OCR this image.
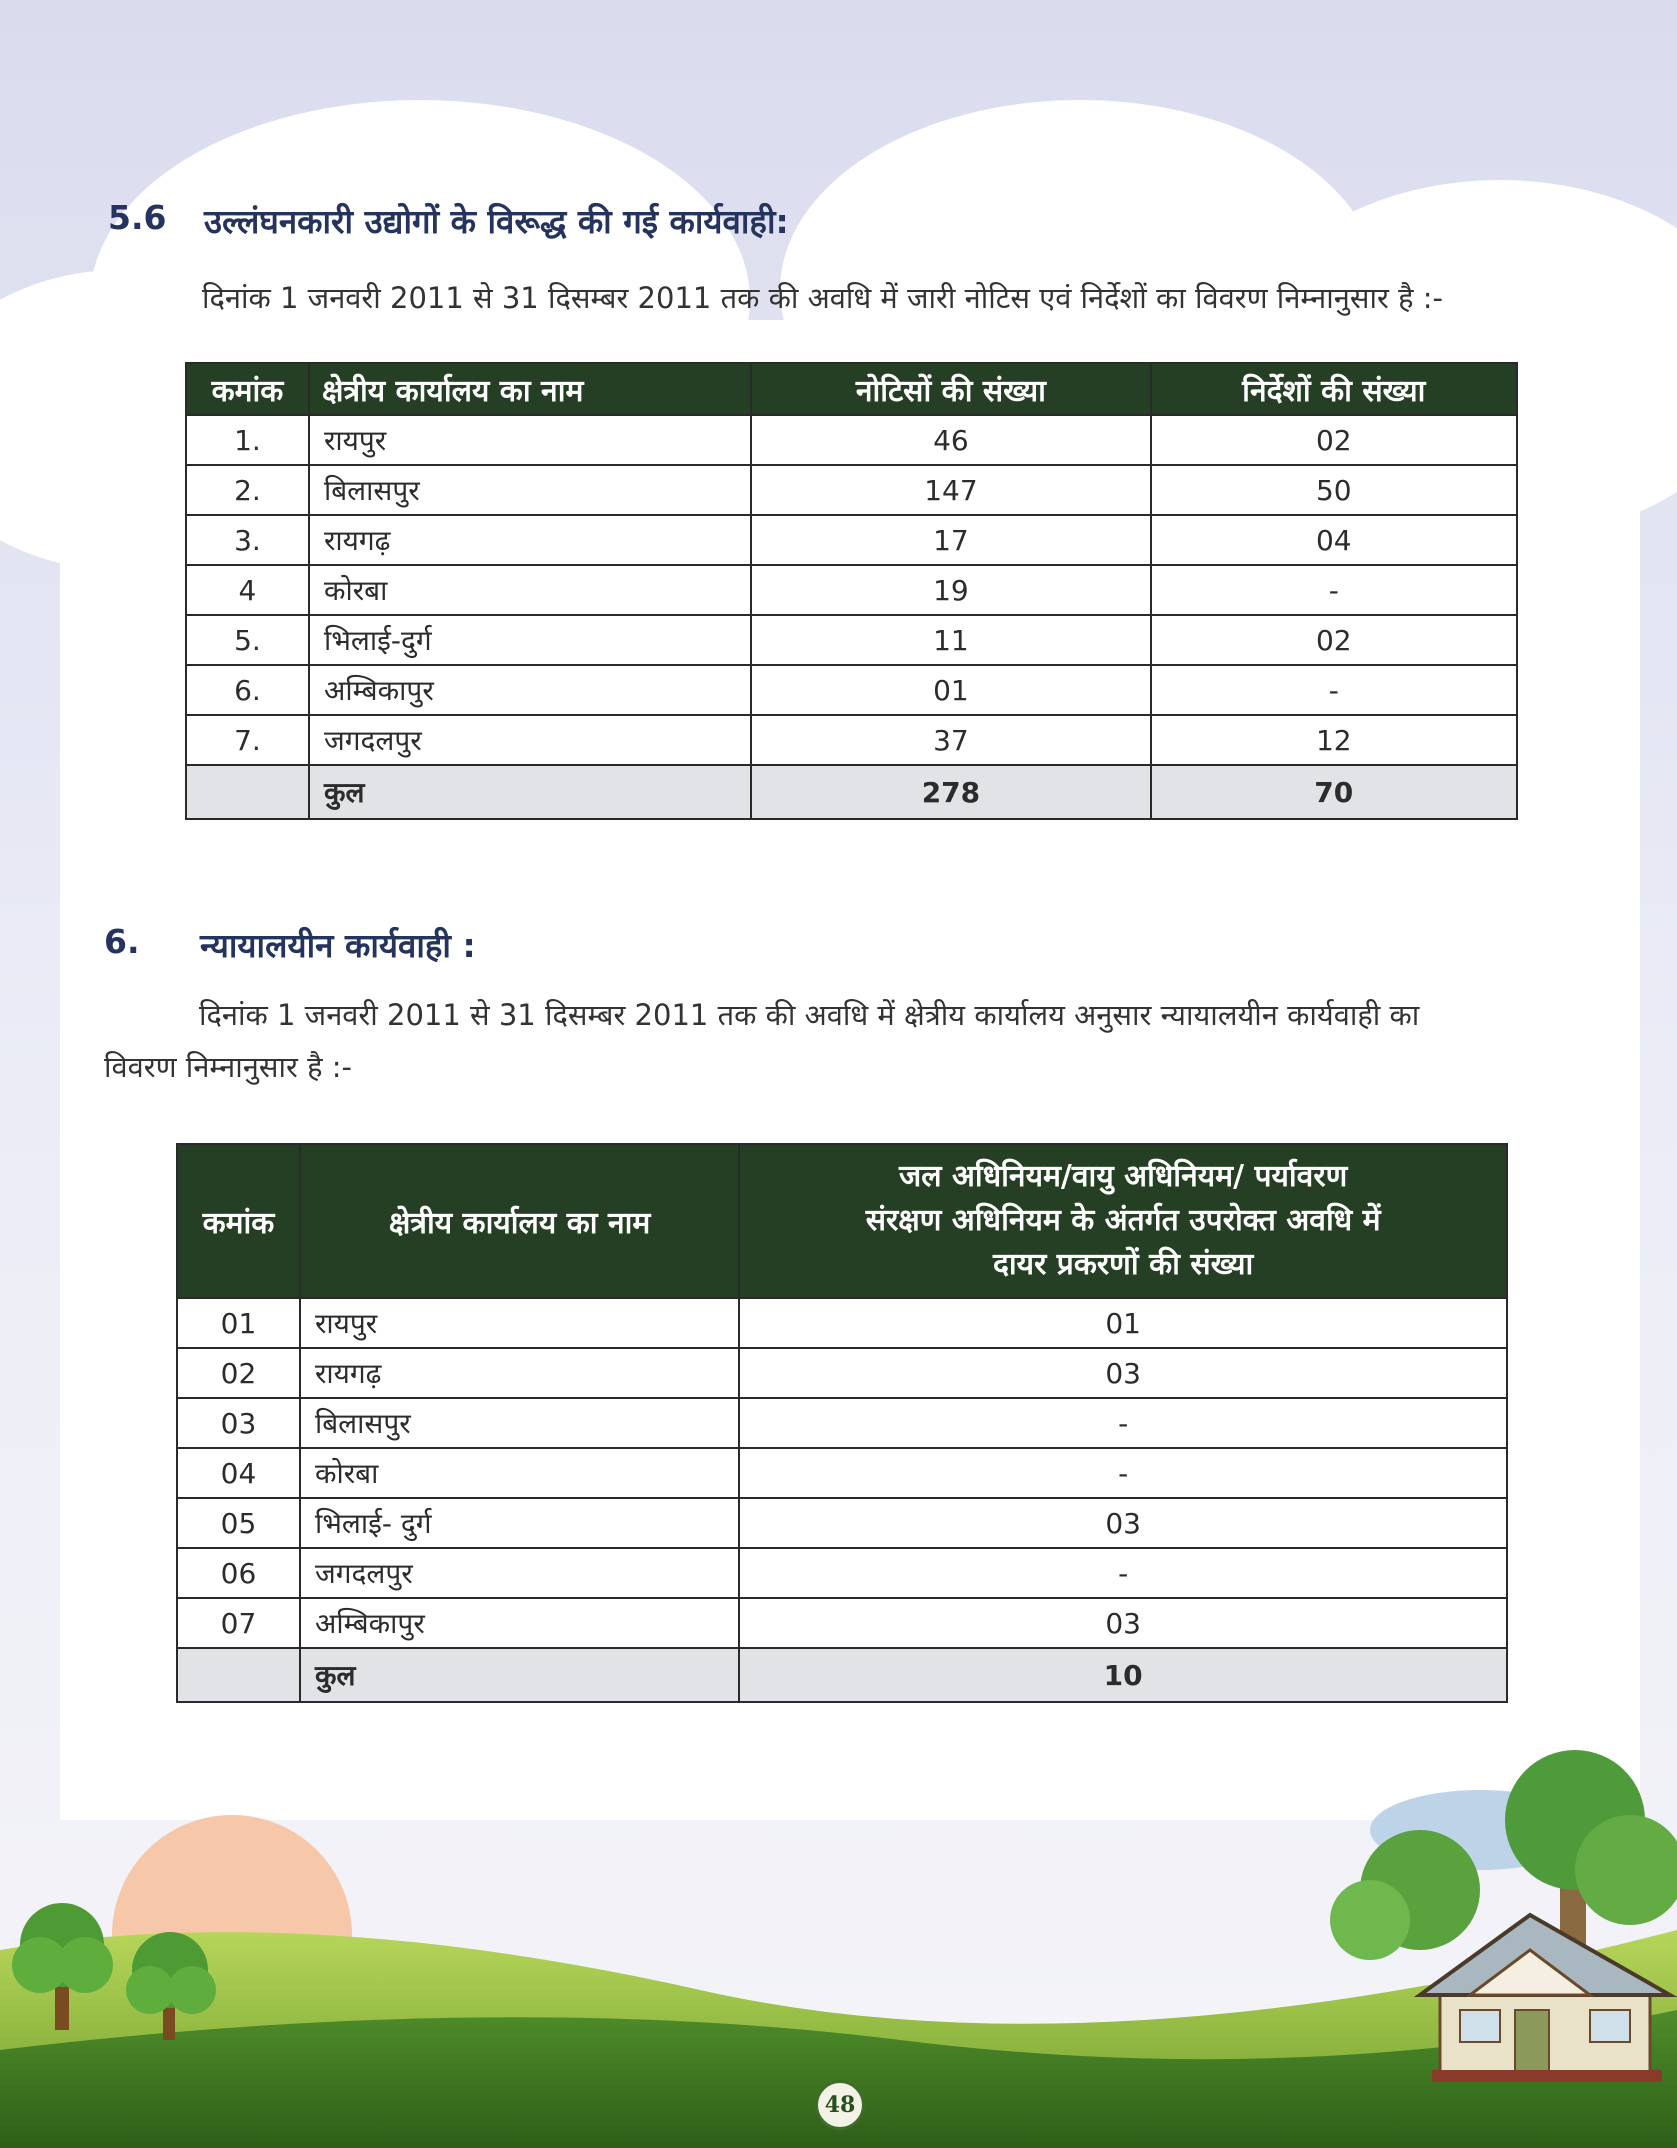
5.6 उल्लंघनकारी उद्योगों के विरूद्ध की गई कार्यवाही:
दिनांक 1 जनवरी 2011 से 31 दिसम्बर 2011 तक की अवधि में जारी नोटिस एवं निर्देशों का विवरण निम्नानुसार है :-
कमांक	क्षेत्रीय कार्यालय का नाम	नोटिसों की संख्या	निर्देशों की संख्या
1.	रायपुर	46	02
2.	बिलासपुर	147	50
3.	रायगढ़	17	04
4	कोरबा	19	-
5.	भिलाई-दुर्ग	11	02
6.	अम्बिकापुर	01	-
7.	जगदलपुर	37	12
	कुल	278	70
6. न्यायालयीन कार्यवाही :
दिनांक 1 जनवरी 2011 से 31 दिसम्बर 2011 तक की अवधि में क्षेत्रीय कार्यालय अनुसार न्यायालयीन कार्यवाही का
विवरण निम्नानुसार है :-
कमांक	क्षेत्रीय कार्यालय का नाम	जल अधिनियम/वायु अधिनियम/ पर्यावरण
संरक्षण अधिनियम के अंतर्गत उपरोक्त अवधि में
दायर प्रकरणों की संख्या

01	रायपुर	01
02	रायगढ़	03
03	बिलासपुर	-
04	कोरबा	-
05	भिलाई- दुर्ग	03
06	जगदलपुर	-
07	अम्बिकापुर	03
	कुल	10
48
